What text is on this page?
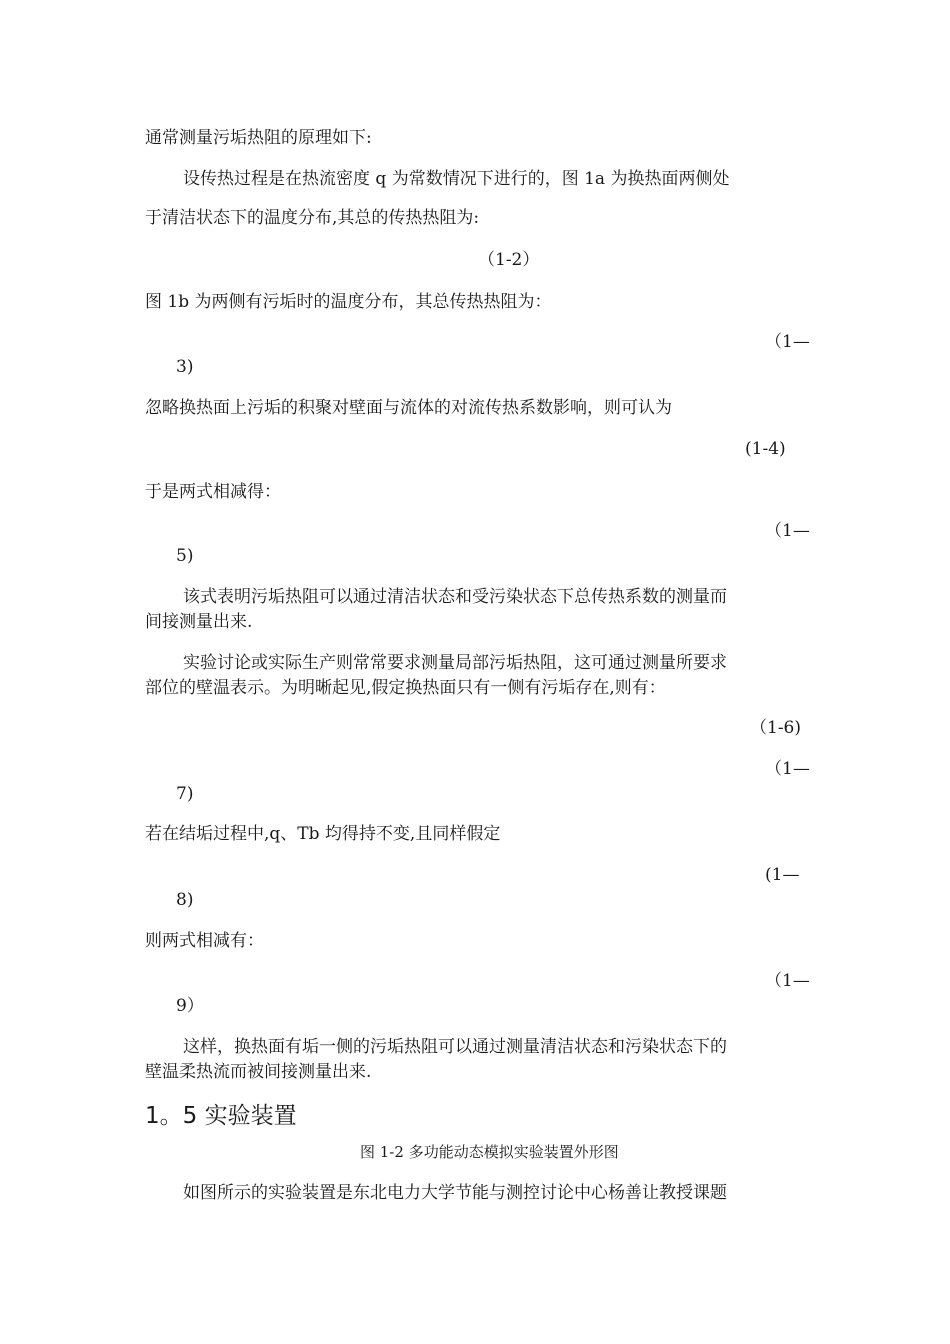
通常测量污垢热阻的原理如下:
设传热过程是在热流密度 q 为常数情况下进行的，图 1a 为换热面两侧处
于清洁状态下的温度分布,其总的传热热阻为:
（1-2）
图 1b 为两侧有污垢时的温度分布，其总传热热阻为：
（1—
3)
忽略换热面上污垢的积聚对壁面与流体的对流传热系数影响，则可认为
(1-4)
于是两式相减得：
（1—
5)
该式表明污垢热阻可以通过清洁状态和受污染状态下总传热系数的测量而
间接测量出来.
实验讨论或实际生产则常常要求测量局部污垢热阻，这可通过测量所要求
部位的壁温表示。为明晰起见,假定换热面只有一侧有污垢存在,则有：
（1-6)
（1—
7)
若在结垢过程中,q、Tb 均得持不变,且同样假定
(1—
8)
则两式相减有：
（1—
9）
这样，换热面有垢一侧的污垢热阻可以通过测量清洁状态和污染状态下的
壁温柔热流而被间接测量出来.
1。5 实验装置
图 1-2 多功能动态模拟实验装置外形图
如图所示的实验装置是东北电力大学节能与测控讨论中心杨善让教授课题
